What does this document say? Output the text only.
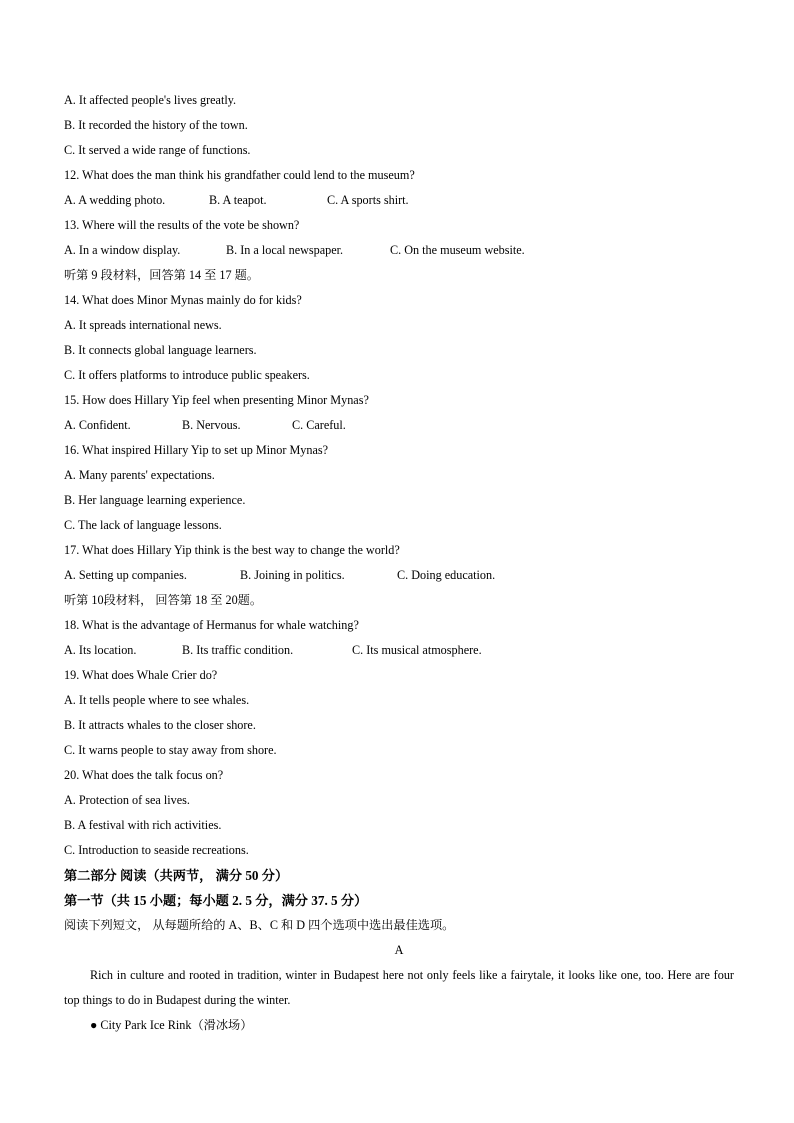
A. It affected people's lives greatly.
B. It recorded the history of the town.
C. It served a wide range of functions.
12. What does the man think his grandfather could lend to the museum?
A. A wedding photo.	B. A teapot.	C. A sports shirt.
13. Where will the results of the vote be shown?
A. In a window display.	B. In a local newspaper.	C. On the museum website.
听第 9 段材料，回答第 14 至 17 题。
14. What does Minor Mynas mainly do for kids?
A. It spreads international news.
B. It connects global language learners.
C. It offers platforms to introduce public speakers.
15. How does Hillary Yip feel when presenting Minor Mynas?
A. Confident.	B. Nervous.	C. Careful.
16. What inspired Hillary Yip to set up Minor Mynas?
A. Many parents' expectations.
B. Her language learning experience.
C. The lack of language lessons.
17. What does Hillary Yip think is the best way to change the world?
A. Setting up companies.	B. Joining in politics.	C. Doing education.
听第 10段材料， 回答第 18 至 20题。
18. What is the advantage of Hermanus for whale watching?
A. Its location.	B. Its traffic condition.	C. Its musical atmosphere.
19. What does Whale Crier do?
A. It tells people where to see whales.
B. It attracts whales to the closer shore.
C. It warns people to stay away from shore.
20. What does the talk focus on?
A. Protection of sea lives.
B. A festival with rich activities.
C. Introduction to seaside recreations.
第二部分 阅读（共两节， 满分 50 分）
第一节（共 15 小题；每小题 2. 5 分，满分 37. 5 分）
阅读下列短文， 从每题所给的 A、B、C 和 D 四个选项中选出最佳选项。
A

Rich in culture and rooted in tradition, winter in Budapest here not only feels like a fairytale, it looks like one, too. Here are four top things to do in Budapest during the winter.

● City Park Ice Rink（滑冰场）
